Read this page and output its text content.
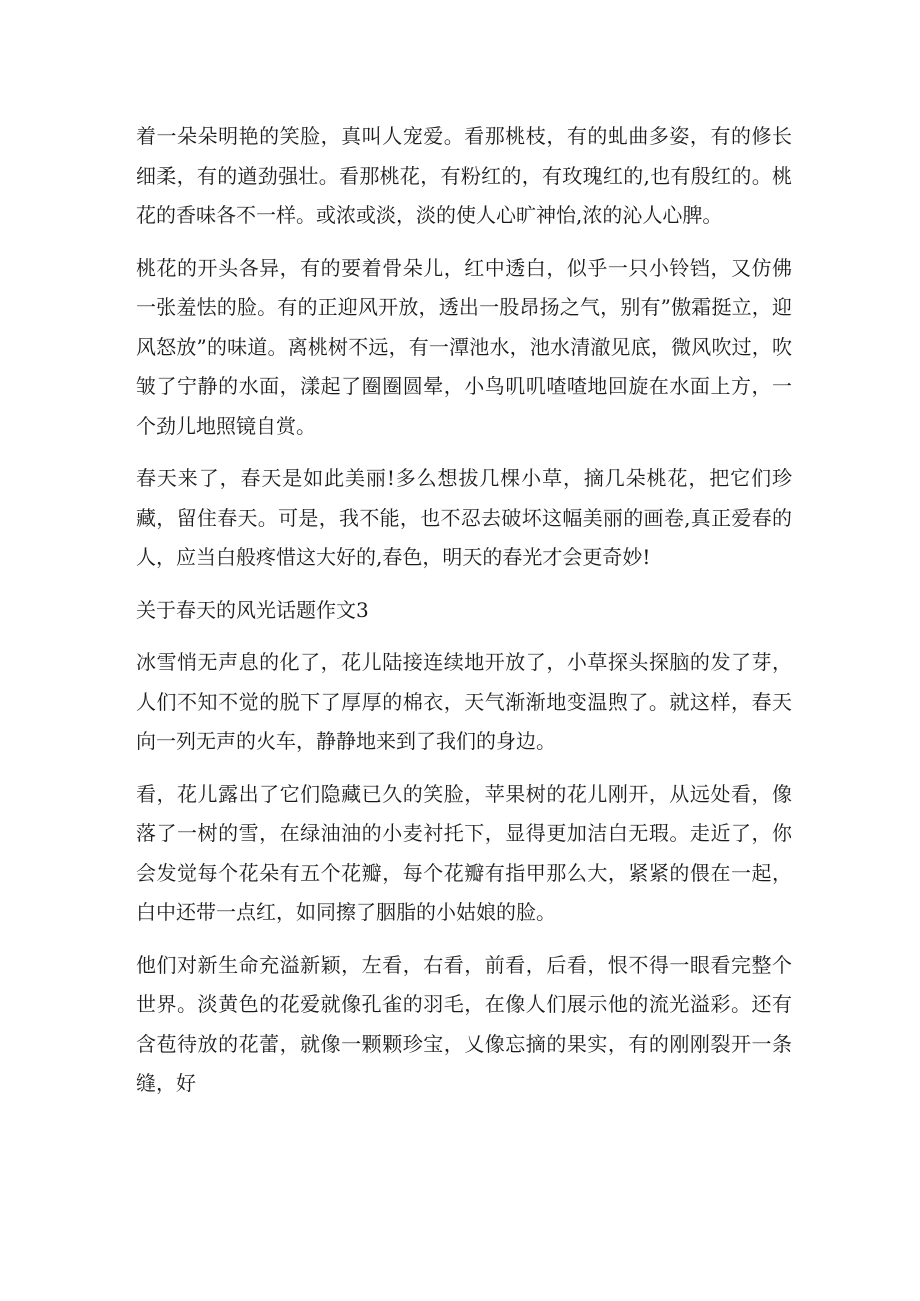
着一朵朵明艳的笑脸，真叫人宠爱。看那桃枝，有的虬曲多姿，有的修长细柔，有的遒劲强壮。看那桃花，有粉红的，有玫瑰红的,也有殷红的。桃花的香味各不一样。或浓或淡，淡的使人心旷神怡,浓的沁人心脾。

桃花的开头各异，有的要着骨朵儿，红中透白，似乎一只小铃铛，又仿佛一张羞怯的脸。有的正迎风开放，透出一股昂扬之气，别有”傲霜挺立，迎风怒放”的味道。离桃树不远，有一潭池水，池水清澈见底，微风吹过，吹皱了宁静的水面，漾起了圈圈圆晕，小鸟叽叽喳喳地回旋在水面上方，一个劲儿地照镜自赏。

春天来了，春天是如此美丽!多么想拔几棵小草，摘几朵桃花，把它们珍藏，留住春天。可是，我不能，也不忍去破坏这幅美丽的画卷,真正爱春的人，应当白般疼惜这大好的,春色，明天的春光才会更奇妙!

关于春天的风光话题作文3

冰雪悄无声息的化了，花儿陆接连续地开放了，小草探头探脑的发了芽，人们不知不觉的脱下了厚厚的棉衣，天气渐渐地变温煦了。就这样，春天向一列无声的火车，静静地来到了我们的身边。

看，花儿露出了它们隐藏已久的笑脸，苹果树的花儿刚开，从远处看，像落了一树的雪，在绿油油的小麦衬托下，显得更加洁白无瑕。走近了，你会发觉每个花朵有五个花瓣，每个花瓣有指甲那么大，紧紧的偎在一起，白中还带一点红，如同擦了胭脂的小姑娘的脸。

他们对新生命充溢新颖，左看，右看，前看，后看，恨不得一眼看完整个世界。淡黄色的花爱就像孔雀的羽毛，在像人们展示他的流光溢彩。还有含苞待放的花蕾，就像一颗颗珍宝，乂像忘摘的果实，有的刚刚裂开一条缝，好
